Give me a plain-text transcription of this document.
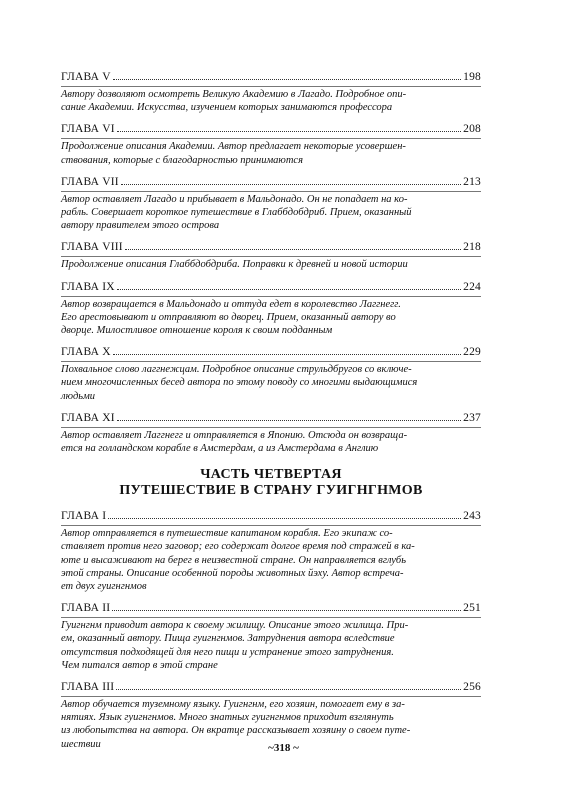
ГЛАВА V	198
Автору дозволяют осмотреть Великую Академию в Лагадо. Подробное опи-
сание Академии. Искусства, изучением которых занимаются профессора
ГЛАВА VI	208
Продолжение описания Академии. Автор предлагает некоторые усовершен-
ствования, которые с благодарностью принимаются
ГЛАВА VII	213
Автор оставляет Лагадо и прибывает в Мальдонадо. Он не попадает на ко-
рабль. Совершает короткое путешествие в Глаббдобдриб. Прием, оказанный
автору правителем этого острова
ГЛАВА VIII	218
Продолжение описания Глаббдобдриба. Поправки к древней и новой истории
ГЛАВА IX	224
Автор возвращается в Мальдонадо и оттуда едет в королевство Лаггнегг.
Его арестовывают и отправляют во дворец. Прием, оказанный автору во
дворце. Милостливое отношение короля к своим подданным
ГЛАВА X	229
Похвальное слово лаггнежцам. Подробное описание струльдбругов со включе-
нием многочисленных бесед автора по этому поводу со многими выдающимися
людьми
ГЛАВА XI	237
Автор оставляет Лаггнегг и отправляется в Японию. Отсюда он возвраща-
ется на голландском корабле в Амстердам, а из Амстердама в Англию
ЧАСТЬ ЧЕТВЕРТАЯ
ПУТЕШЕСТВИЕ В СТРАНУ ГУИГНГНМОВ
ГЛАВА I	243
Автор отправляется в путешествие капитаном корабля. Его экипаж со-
ставляет против него заговор; его содержат долгое время под стражей в ка-
юте и высаживают на берег в неизвестной стране. Он направляется вглубь
этой страны. Описание особенной породы животных йэху. Автор встреча-
ет двух гуигнгнмов
ГЛАВА II	251
Гуигнгнм приводит автора к своему жилищу. Описание этого жилища. При-
ем, оказанный автору. Пища гуигнгнмов. Затруднения автора вследствие
отсутствия подходящей для него пищи и устранение этого затруднения.
Чем питался автор в этой стране
ГЛАВА III	256
Автор обучается туземному языку. Гуигнгнм, его хозяин, помогает ему в за-
нятиях. Язык гуигнгнмов. Много знатных гуигнгнмов приходит взглянуть
из любопытства на автора. Он вкратце рассказывает хозяину о своем путе-
шествии	~318 ~
